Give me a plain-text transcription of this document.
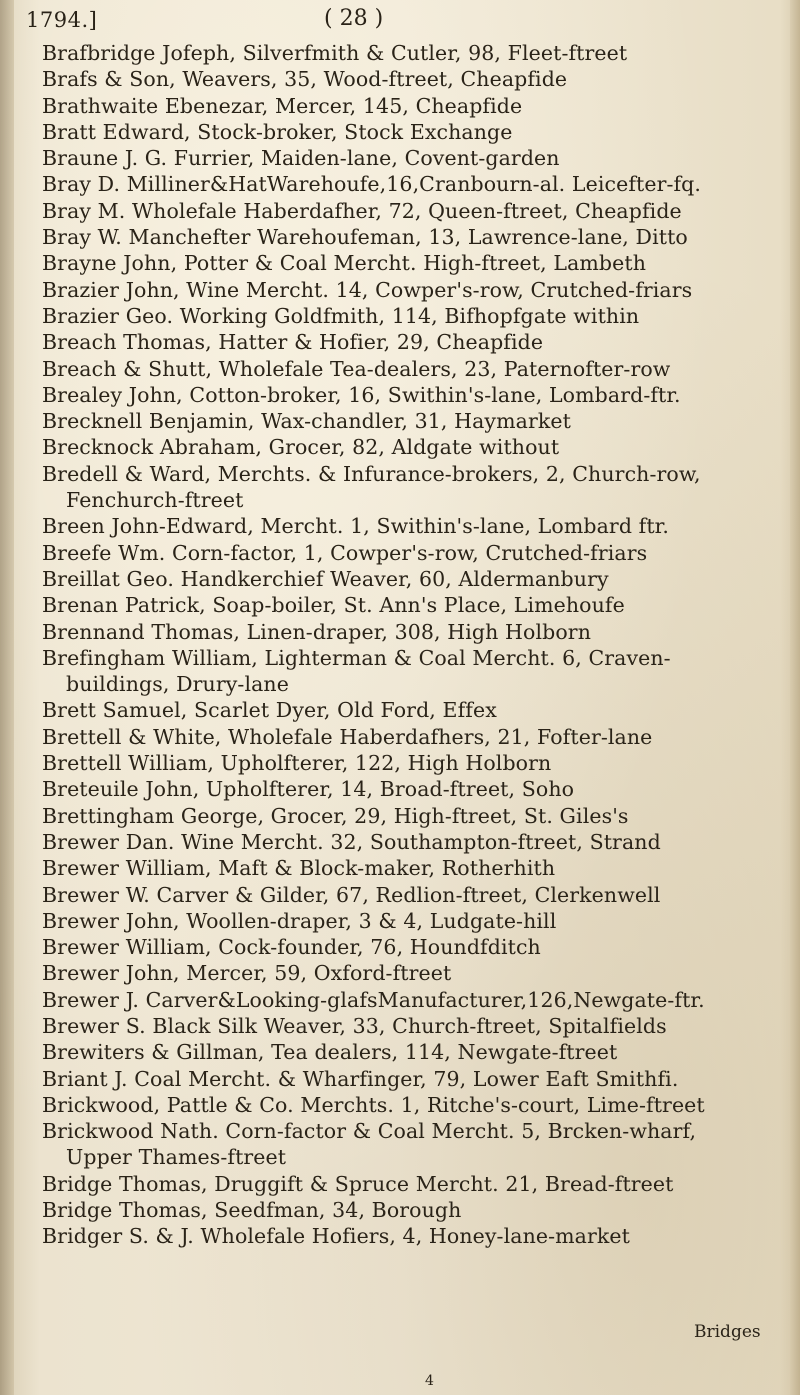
1794.]	( 28 )
Brafbridge Jofeph, Silverfmith & Cutler, 98, Fleet-ftreet
Brafs & Son, Weavers, 35, Wood-ftreet, Cheapfide
Brathwaite Ebenezar, Mercer, 145, Cheapfide
Bratt Edward, Stock-broker, Stock Exchange
Braune J. G. Furrier, Maiden-lane, Covent-garden
Bray D. Milliner&HatWarehoufe,16,Cranbourn-al. Leicefter-fq.
Bray M. Wholefale Haberdafher, 72, Queen-ftreet, Cheapfide
Bray W. Manchefter Warehoufeman, 13, Lawrence-lane, Ditto
Brayne John, Potter & Coal Mercht. High-ftreet, Lambeth
Brazier John, Wine Mercht. 14, Cowper's-row, Crutched-friars
Brazier Geo. Working Goldfmith, 114, Bifhopfgate within
Breach Thomas, Hatter & Hofier, 29, Cheapfide
Breach & Shutt, Wholefale Tea-dealers, 23, Paternofter-row
Brealey John, Cotton-broker, 16, Swithin's-lane, Lombard-ftr.
Brecknell Benjamin, Wax-chandler, 31, Haymarket
Brecknock Abraham, Grocer, 82, Aldgate without
Bredell & Ward, Merchts. & Infurance-brokers, 2, Church-row,
Fenchurch-ftreet
Breen John-Edward, Mercht. 1, Swithin's-lane, Lombard ftr.
Breefe Wm. Corn-factor, 1, Cowper's-row, Crutched-friars
Breillat Geo. Handkerchief Weaver, 60, Aldermanbury
Brenan Patrick, Soap-boiler, St. Ann's Place, Limehoufe
Brennand Thomas, Linen-draper, 308, High Holborn
Brefingham William, Lighterman & Coal Mercht. 6, Craven-
buildings, Drury-lane
Brett Samuel, Scarlet Dyer, Old Ford, Effex
Brettell & White, Wholefale Haberdafhers, 21, Fofter-lane
Brettell William, Upholfterer, 122, High Holborn
Breteuile John, Upholfterer, 14, Broad-ftreet, Soho
Brettingham George, Grocer, 29, High-ftreet, St. Giles's
Brewer Dan. Wine Mercht. 32, Southampton-ftreet, Strand
Brewer William, Maft & Block-maker, Rotherhith
Brewer W. Carver & Gilder, 67, Redlion-ftreet, Clerkenwell
Brewer John, Woollen-draper, 3 & 4, Ludgate-hill
Brewer William, Cock-founder, 76, Houndfditch
Brewer John, Mercer, 59, Oxford-ftreet
Brewer J. Carver&Looking-glafsManufacturer,126,Newgate-ftr.
Brewer S. Black Silk Weaver, 33, Church-ftreet, Spitalfields
Brewiters & Gillman, Tea dealers, 114, Newgate-ftreet
Briant J. Coal Mercht. & Wharfinger, 79, Lower Eaft Smithfi.
Brickwood, Pattle & Co. Merchts. 1, Ritche's-court, Lime-ftreet
Brickwood Nath. Corn-factor & Coal Mercht. 5, Brcken-wharf,
Upper Thames-ftreet
Bridge Thomas, Druggift & Spruce Mercht. 21, Bread-ftreet
Bridge Thomas, Seedfman, 34, Borough
Bridger S. & J. Wholefale Hofiers, 4, Honey-lane-market
Bridges
4
